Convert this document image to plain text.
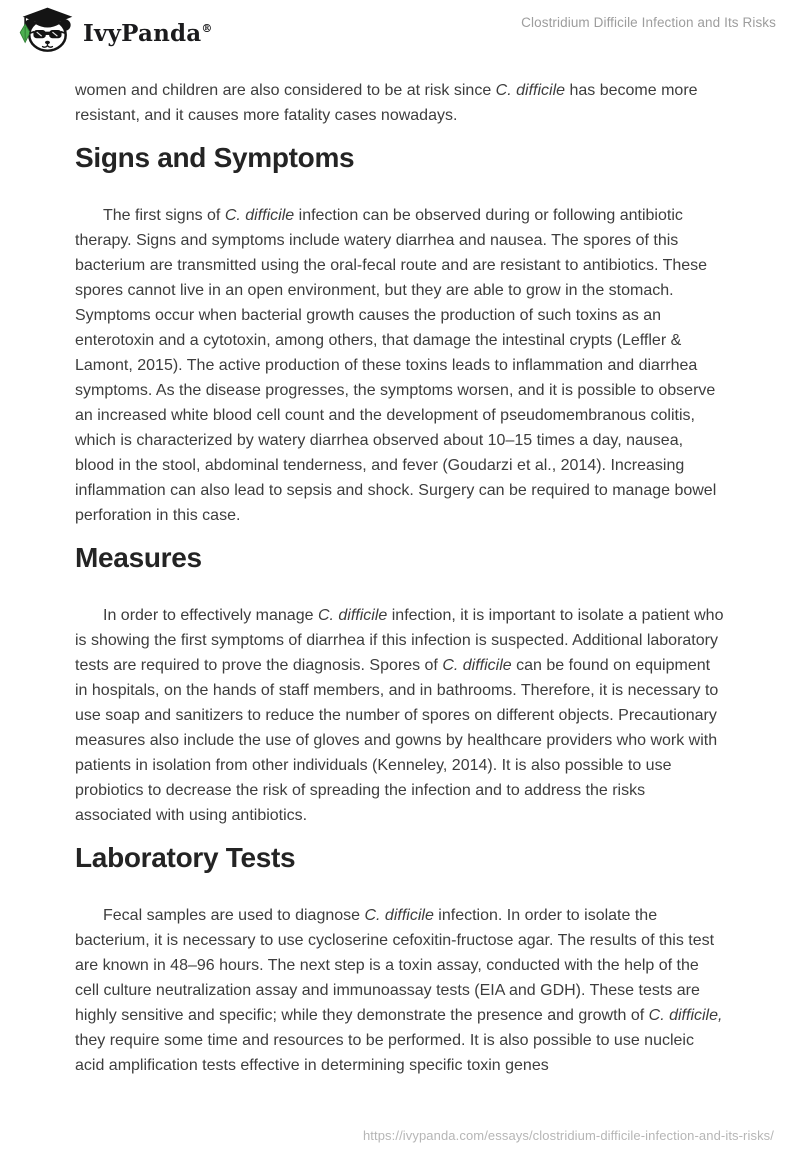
IvyPanda®	Clostridium Difficile Infection and Its Risks

women and children are also considered to be at risk since C. difficile has become more resistant, and it causes more fatality cases nowadays.

Signs and Symptoms

The first signs of C. difficile infection can be observed during or following antibiotic therapy. Signs and symptoms include watery diarrhea and nausea. The spores of this bacterium are transmitted using the oral-fecal route and are resistant to antibiotics. These spores cannot live in an open environment, but they are able to grow in the stomach. Symptoms occur when bacterial growth causes the production of such toxins as an enterotoxin and a cytotoxin, among others, that damage the intestinal crypts (Leffler & Lamont, 2015). The active production of these toxins leads to inflammation and diarrhea symptoms. As the disease progresses, the symptoms worsen, and it is possible to observe an increased white blood cell count and the development of pseudomembranous colitis, which is characterized by watery diarrhea observed about 10–15 times a day, nausea, blood in the stool, abdominal tenderness, and fever (Goudarzi et al., 2014). Increasing inflammation can also lead to sepsis and shock. Surgery can be required to manage bowel perforation in this case.

Measures

In order to effectively manage C. difficile infection, it is important to isolate a patient who is showing the first symptoms of diarrhea if this infection is suspected. Additional laboratory tests are required to prove the diagnosis. Spores of C. difficile can be found on equipment in hospitals, on the hands of staff members, and in bathrooms. Therefore, it is necessary to use soap and sanitizers to reduce the number of spores on different objects. Precautionary measures also include the use of gloves and gowns by healthcare providers who work with patients in isolation from other individuals (Kenneley, 2014). It is also possible to use probiotics to decrease the risk of spreading the infection and to address the risks associated with using antibiotics.

Laboratory Tests

Fecal samples are used to diagnose C. difficile infection. In order to isolate the bacterium, it is necessary to use cycloserine cefoxitin-fructose agar. The results of this test are known in 48–96 hours. The next step is a toxin assay, conducted with the help of the cell culture neutralization assay and immunoassay tests (EIA and GDH). These tests are highly sensitive and specific; while they demonstrate the presence and growth of C. difficile, they require some time and resources to be performed. It is also possible to use nucleic acid amplification tests effective in determining specific toxin genes

https://ivypanda.com/essays/clostridium-difficile-infection-and-its-risks/
